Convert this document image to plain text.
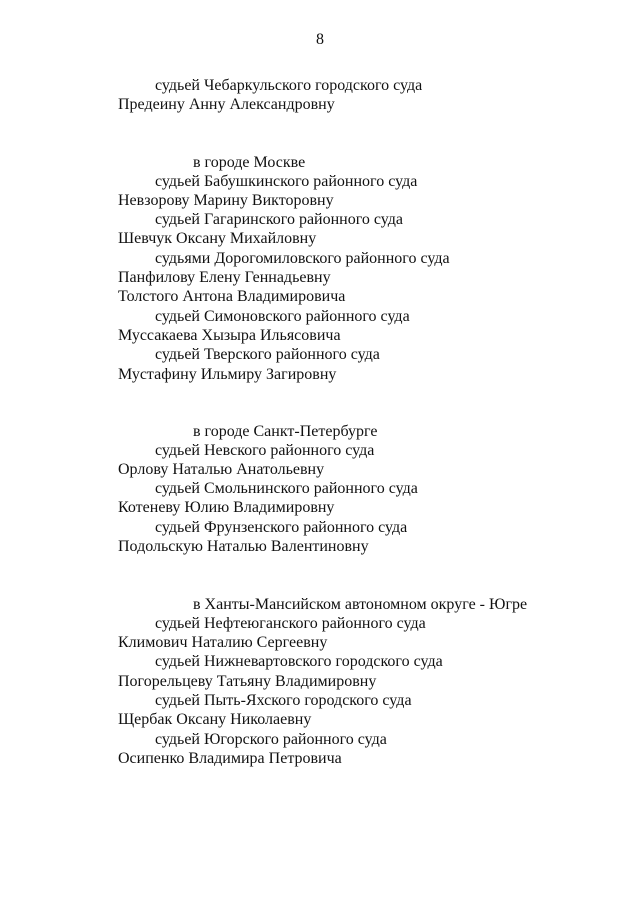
8
судьей Чебаркульского городского суда
Предеину Анну Александровну
в городе Москве
судьей Бабушкинского районного суда
Невзорову Марину Викторовну
судьей Гагаринского районного суда
Шевчук Оксану Михайловну
судьями Дорогомиловского районного суда
Панфилову Елену Геннадьевну
Толстого Антона Владимировича
судьей Симоновского районного суда
Муссакаева Хызыра Ильясовича
судьей Тверского районного суда
Мустафину Ильмиру Загировну
в городе Санкт-Петербурге
судьей Невского районного суда
Орлову Наталью Анатольевну
судьей Смольнинского районного суда
Котеневу Юлию Владимировну
судьей Фрунзенского районного суда
Подольскую Наталью Валентиновну
в Ханты-Мансийском автономном округе - Югре
судьей Нефтеюганского районного суда
Климович Наталию Сергеевну
судьей Нижневартовского городского суда
Погорельцеву Татьяну Владимировну
судьей Пыть-Яхского городского суда
Щербак Оксану Николаевну
судьей Югорского районного суда
Осипенко Владимира Петровича
